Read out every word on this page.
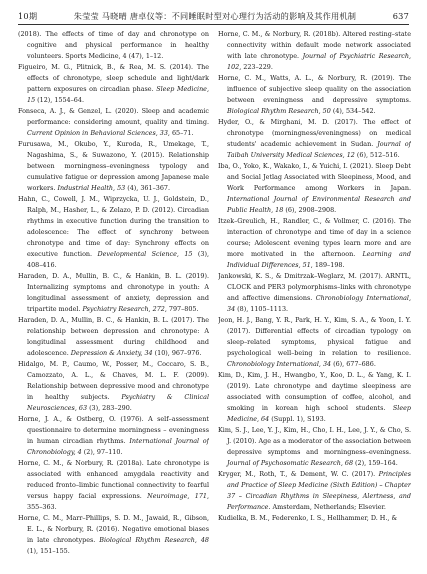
10期	朱莹莹 马晓晴 唐卓仪等：不同睡眠时型对心理行为活动的影响及其作用机制	637

(2018). The effects of time of day and chronotype on cognitive and physical performance in healthy volunteers. Sports Medicine, 4 (47), 1–12.

Figueiro, M. G., Plitnick, B., & Rea, M. S. (2014). The effects of chronotype, sleep schedule and light/dark pattern exposures on circadian phase. Sleep Medicine, 15 (12), 1554–64.

Fonseca, A. J., & Genzel, L. (2020). Sleep and academic performance: considering amount, quality and timing. Current Opinion in Behavioral Sciences, 33, 65–71.

Furusawa, M., Okubo, Y., Kuroda, R., Umekage, T., Nagashima, S., & Suwazono, Y. (2015). Relationship between morningness–eveningness typology and cumulative fatigue or depression among Japanese male workers. Industrial Health, 53 (4), 361–367.

Hahn, C., Cowell, J. M., Wiprzycka, U. J., Goldstein, D., Ralph, M., Hasher, L., & Zelazo, P. D. (2012). Circadian rhythms in executive function during the transition to adolescence: The effect of synchrony between chronotype and time of day: Synchrony effects on executive function. Developmental Science, 15 (3), 408–416.

Haraden, D. A., Mullin, B. C., & Hankin, B. L. (2019). Internalizing symptoms and chronotype in youth: A longitudinal assessment of anxiety, depression and tripartite model. Psychiatry Research, 272, 797–805.

Haraden, D. A., Mullin, B. C., & Hankin, B. L. (2017). The relationship between depression and chronotype: A longitudinal assessment during childhood and adolescence. Depression & Anxiety, 34 (10), 967–976.

Hidalgo, M. P., Caumo, W., Posser, M., Coccaro, S. B., Camozzato, A. L., & Chaves, M. L. F. (2009). Relationship between depressive mood and chronotype in healthy subjects. Psychiatry & Clinical Neurosciences, 63 (3), 283–290.

Horne, J. A., & Ostberg, O. (1976). A self–assessment questionnaire to determine morningness – eveningness in human circadian rhythms. International Journal of Chronobiology, 4 (2), 97–110.

Horne, C. M., & Norbury, R. (2018a). Late chronotype is associated with enhanced amygdala reactivity and reduced fronto–limbic functional connectivity to fearful versus happy facial expressions. Neuroimage, 171, 355–363.

Horne, C. M., Marr–Phillips, S. D. M., Jawaid, R., Gibson, E. L., & Norbury, R. (2016). Negative emotional biases in late chronotypes. Biological Rhythm Research, 48 (1), 151–155.

Horne, C. M., & Norbury, R. (2018b). Altered resting–state connectivity within default mode network associated with late chronotype. Journal of Psychiatric Research, 102, 223–229.

Horne, C. M., Watts, A. L., & Norbury, R. (2019). The influence of subjective sleep quality on the association between eveningness and depressive symptoms. Biological Rhythm Research, 50 (4), 534–542.

Hyder, O., & Mirghani, M. D. (2017). The effect of chronotype (morningness/eveningness) on medical students' academic achievement in Sudan. Journal of Taibah University Medical Sciences, 12 (6), 512–516.

Iba, O., Yoko, K., Wakako, I., & Yuichi, I. (2021). Sleep Debt and Social Jetlag Associated with Sleepiness, Mood, and Work Performance among Workers in Japan. International Journal of Environmental Research and Public Health, 18 (6), 2908–2908.

Itzek–Greulich, H., Randler, C., & Vollmer, C. (2016). The interaction of chronotype and time of day in a science course; Adolescent evening types learn more and are more motivated in the afternoon. Learning and Individual Differences, 51, 189–198.

Jankowski, K. S., & Dmitrzak–Weglarz, M. (2017). ARNTL, CLOCK and PER3 polymorphisms–links with chronotype and affective dimensions. Chronobiology International, 34 (8), 1105–1113.

Jeon, H. J., Bang, Y. R., Park, H. Y., Kim, S. A., & Yoon, I. Y. (2017). Differential effects of circadian typology on sleep–related symptoms, physical fatigue and psychological well–being in relation to resilience. Chronobiology International, 34 (6), 677–686.

Kim, D., Kim, J. H., Hwangbo, Y., Koo, D. L., & Yang, K. I. (2019). Late chronotype and daytime sleepiness are associated with consumption of coffee, alcohol, and smoking in korean high school students. Sleep Medicine, 64 (Suppl. 1), S193.

Kim, S. J., Lee, Y. J., Kim, H., Cho, I. H., Lee, J. Y., & Cho, S. J. (2010). Age as a moderator of the association between depressive symptoms and morningness–eveningness. Journal of Psychosomatic Research, 68 (2), 159–164.

Kryger, M., Roth, T., & Dement, W. C. (2017). Principles and Practice of Sleep Medicine (Sixth Edition) – Chapter 37 – Circadian Rhythms in Sleepiness, Alertness, and Performance. Amsterdam, Netherlands; Elsevier.

Kudielka, B. M., Federenko, I. S., Hellhammer, D. H., &
